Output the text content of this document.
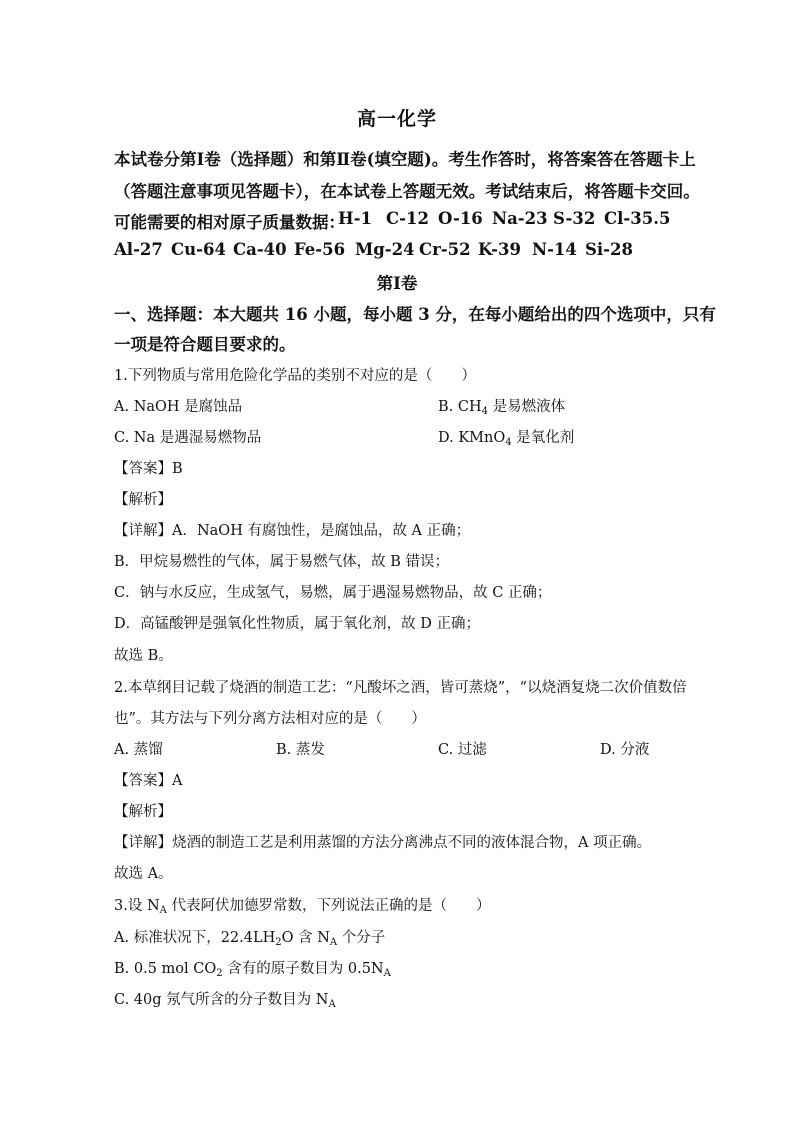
高一化学
本试卷分第Ⅰ卷（选择题）和第Ⅱ卷(填空题)。考生作答时，将答案答在答题卡上
（答题注意事项见答题卡），在本试卷上答题无效。考试结束后，将答题卡交回。
可能需要的相对原子质量数据：
H-1 C-12 O-16 Na-23 S-32 Cl-35.5
Al-27 Cu-64 Ca-40 Fe-56 Mg-24 Cr-52 K-39 N-14 Si-28
第Ⅰ卷
一、选择题：本大题共 16 小题，每小题 3 分，在每小题给出的四个选项中，只有
一项是符合题目要求的。
1.下列物质与常用危险化学品的类别不对应的是（　　）
A. NaOH 是腐蚀品	B. $CH_4$ 是易燃液体
C. Na 是遇湿易燃物品	D. KMnO$_4$ 是氧化剂
【答案】B
【解析】
【详解】A．NaOH 有腐蚀性，是腐蚀品，故 A 正确；
B．甲烷易燃性的气体，属于易燃气体，故 B 错误；
C．钠与水反应，生成氢气，易燃，属于遇湿易燃物品，故 C 正确；
D．高锰酸钾是强氧化性物质，属于氧化剂，故 D 正确；
故选 B。
2.本草纲目记载了烧酒的制造工艺：“凡酸坏之酒，皆可蒸烧”，“以烧酒复烧二次价值数倍
也”。其方法与下列分离方法相对应的是（　　）
A. 蒸馏	B. 蒸发	C. 过滤	D. 分液
【答案】A
【解析】
【详解】烧酒的制造工艺是利用蒸馏的方法分离沸点不同的液体混合物，A 项正确。
故选 A。
3.设 $N_A$ 代表阿伏加德罗常数，下列说法正确的是（　　）
A. 标准状况下，$22.4LH_2O$ 含 $N_A$ 个分子
B. 0.5 mol $CO_2$ 含有的原子数目为 $0.5N_A$
C. 40g 氖气所含的分子数目为 $N_A$
